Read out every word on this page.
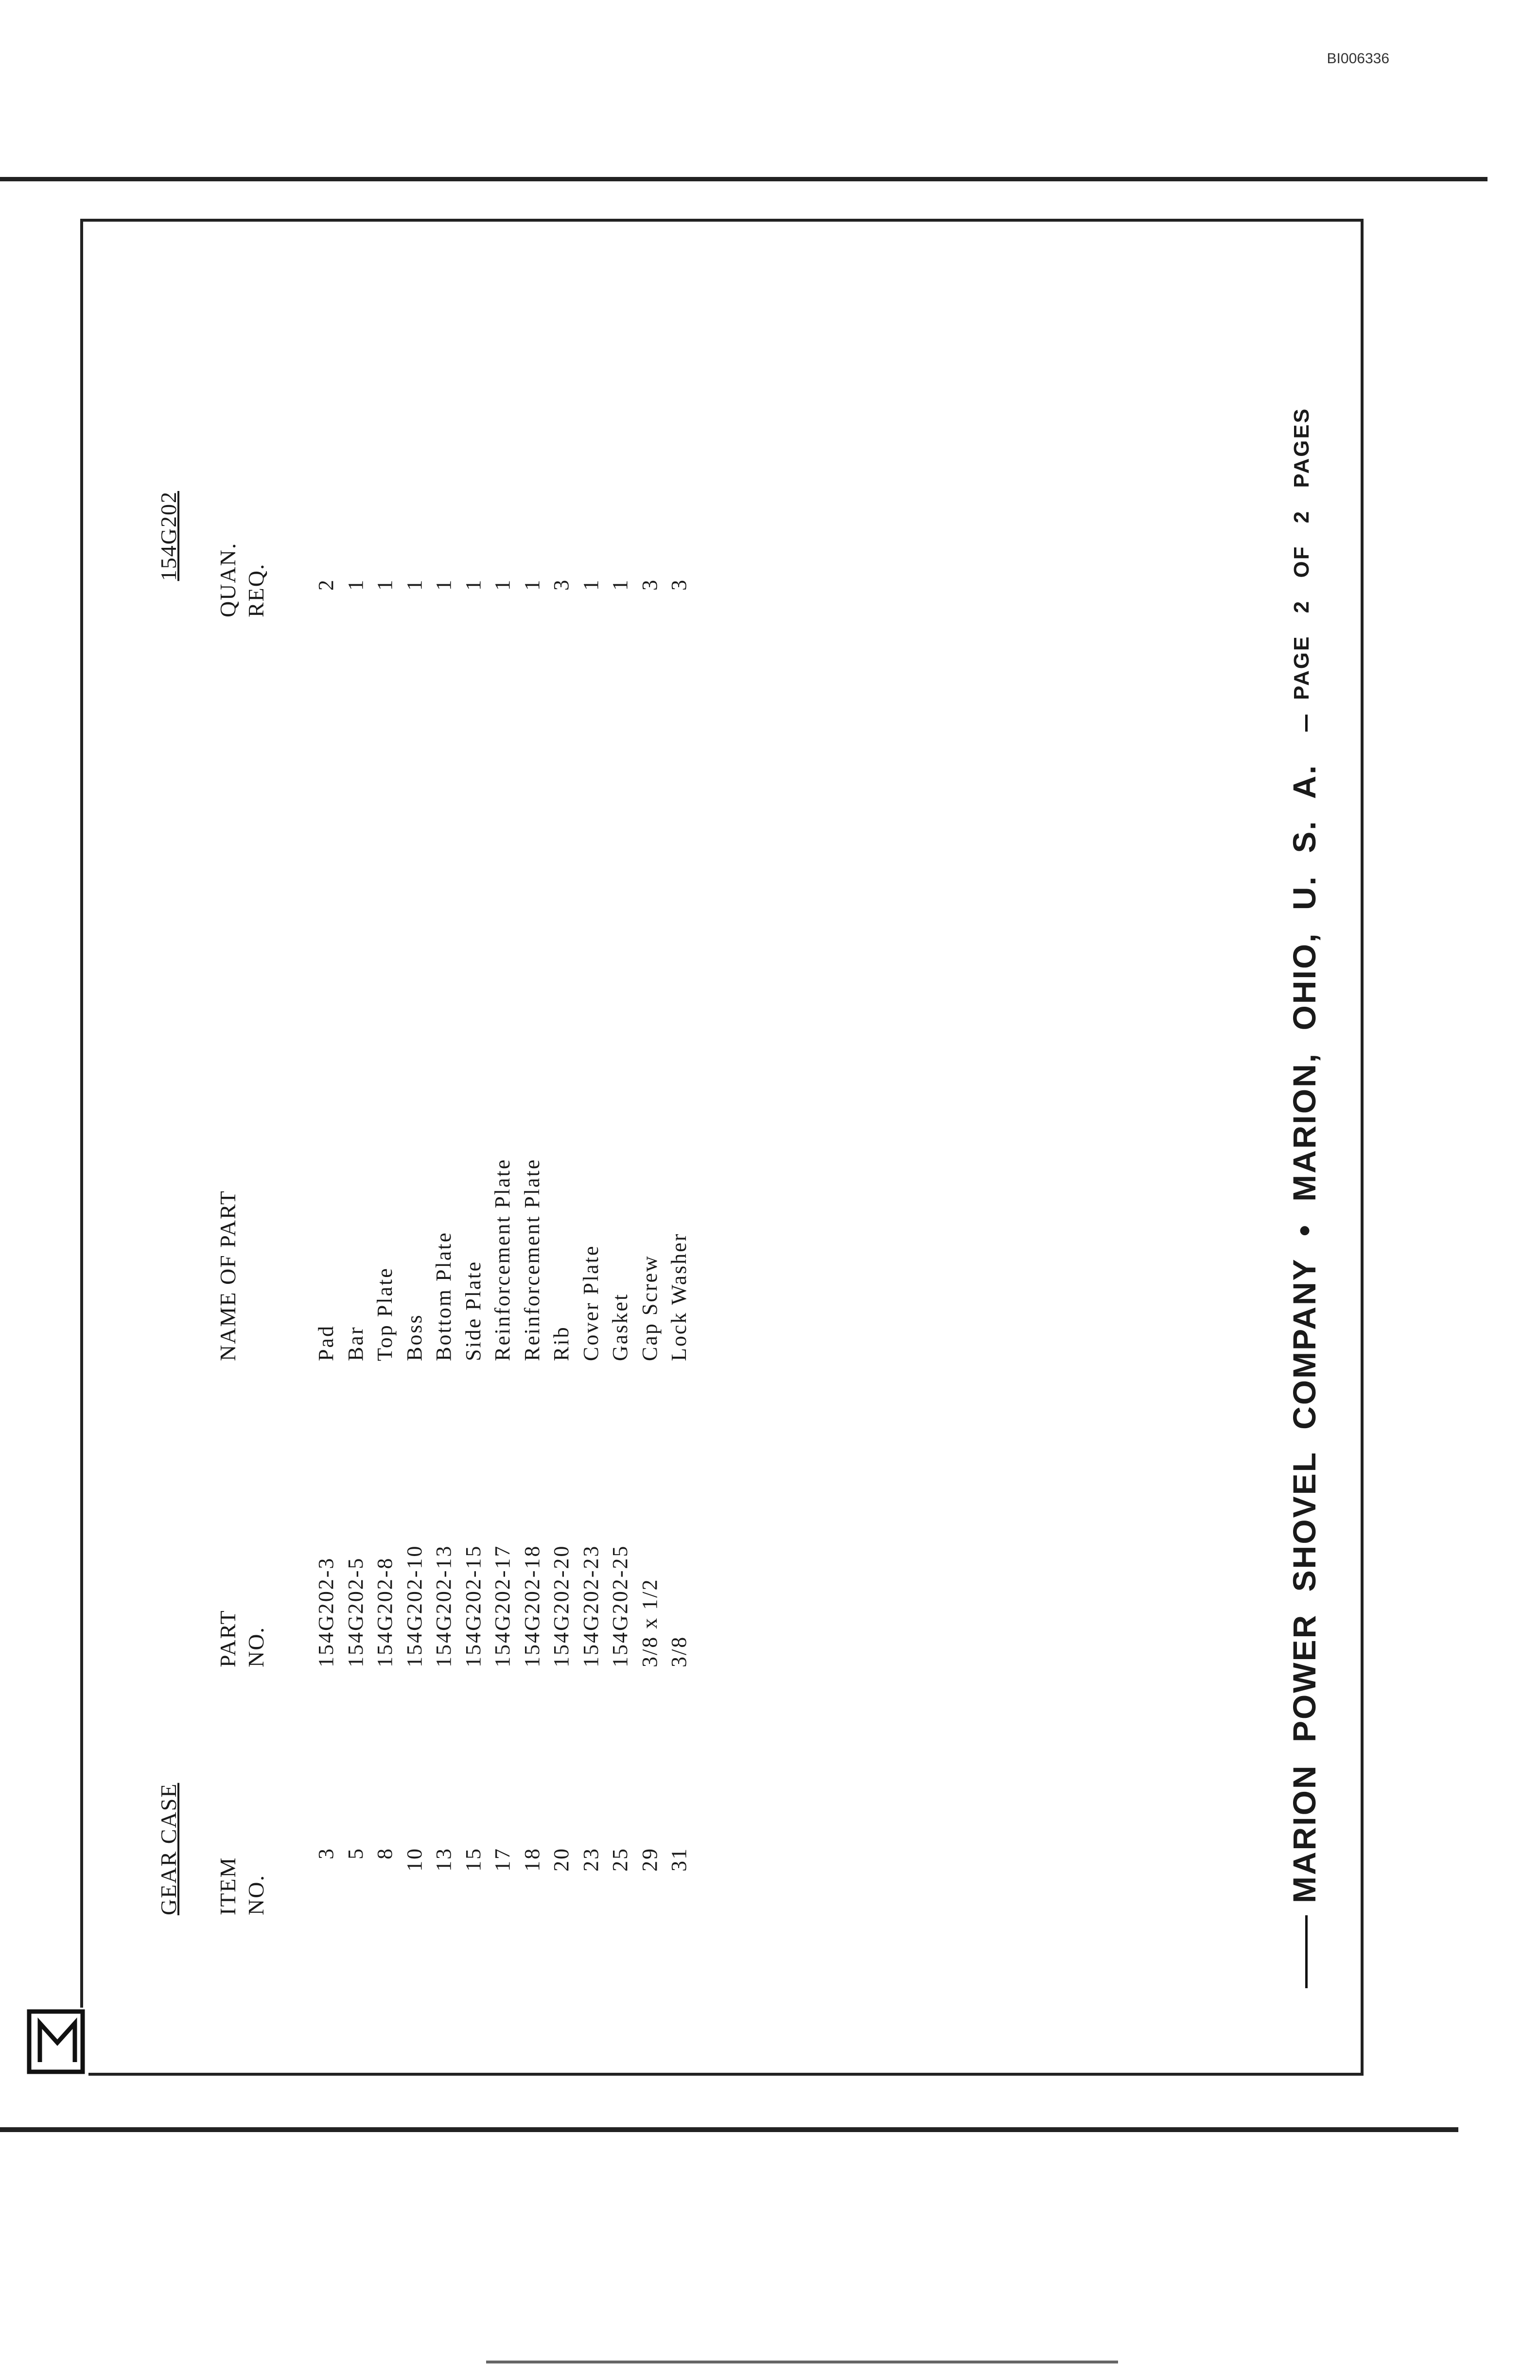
BI006336
GEAR CASE
154G202
ITEM NO.
PART NO.
NAME OF PART
QUAN. REQ.
3
154G202-3
Pad
2
5
154G202-5
Bar
1
8
154G202-8
Top Plate
1
10
154G202-10
Boss
1
13
154G202-13
Bottom Plate
1
15
154G202-15
Side Plate
1
17
154G202-17
Reinforcement Plate
1
18
154G202-18
Reinforcement Plate
1
20
154G202-20
Rib
3
23
154G202-23
Cover Plate
1
25
154G202-25
Gasket
1
29
3/8 x 1/2
Cap Screw
3
31
3/8
Lock Washer
3
MARION POWER SHOVEL COMPANY • MARION, OHIO, U. S. A.
PAGE 2 OF 2 PAGES
